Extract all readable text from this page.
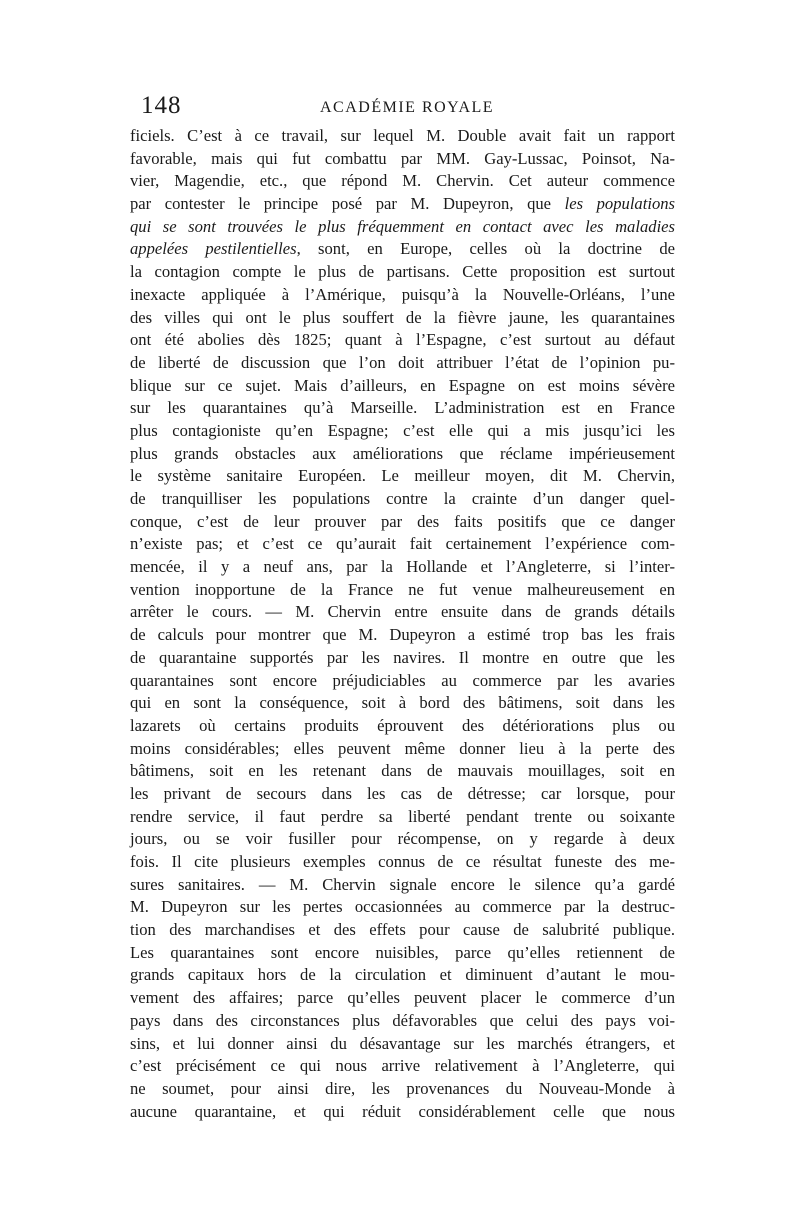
148	ACADÉMIE ROYALE
ficiels. C’est à ce travail, sur lequel M. Double avait fait un rapport
favorable, mais qui fut combattu par MM. Gay-Lussac, Poinsot, Na-
vier, Magendie, etc., que répond M. Chervin. Cet auteur commence
par contester le principe posé par M. Dupeyron, que les populations
qui se sont trouvées le plus fréquemment en contact avec les maladies
appelées pestilentielles, sont, en Europe, celles où la doctrine de
la contagion compte le plus de partisans. Cette proposition est surtout
inexacte appliquée à l’Amérique, puisqu’à la Nouvelle-Orléans, l’une
des villes qui ont le plus souffert de la fièvre jaune, les quarantaines
ont été abolies dès 1825; quant à l’Espagne, c’est surtout au défaut
de liberté de discussion que l’on doit attribuer l’état de l’opinion pu-
blique sur ce sujet. Mais d’ailleurs, en Espagne on est moins sévère
sur les quarantaines qu’à Marseille. L’administration est en France
plus contagioniste qu’en Espagne; c’est elle qui a mis jusqu’ici les
plus grands obstacles aux améliorations que réclame impérieusement
le système sanitaire Européen. Le meilleur moyen, dit M. Chervin,
de tranquilliser les populations contre la crainte d’un danger quel-
conque, c’est de leur prouver par des faits positifs que ce danger
n’existe pas; et c’est ce qu’aurait fait certainement l’expérience com-
mencée, il y a neuf ans, par la Hollande et l’Angleterre, si l’inter-
vention inopportune de la France ne fut venue malheureusement en
arrêter le cours. — M. Chervin entre ensuite dans de grands détails
de calculs pour montrer que M. Dupeyron a estimé trop bas les frais
de quarantaine supportés par les navires. Il montre en outre que les
quarantaines sont encore préjudiciables au commerce par les avaries
qui en sont la conséquence, soit à bord des bâtimens, soit dans les
lazarets où certains produits éprouvent des détériorations plus ou
moins considérables; elles peuvent même donner lieu à la perte des
bâtimens, soit en les retenant dans de mauvais mouillages, soit en
les privant de secours dans les cas de détresse; car lorsque, pour
rendre service, il faut perdre sa liberté pendant trente ou soixante
jours, ou se voir fusiller pour récompense, on y regarde à deux
fois. Il cite plusieurs exemples connus de ce résultat funeste des me-
sures sanitaires. — M. Chervin signale encore le silence qu’a gardé
M. Dupeyron sur les pertes occasionnées au commerce par la destruc-
tion des marchandises et des effets pour cause de salubrité publique.
Les quarantaines sont encore nuisibles, parce qu’elles retiennent de
grands capitaux hors de la circulation et diminuent d’autant le mou-
vement des affaires; parce qu’elles peuvent placer le commerce d’un
pays dans des circonstances plus défavorables que celui des pays voi-
sins, et lui donner ainsi du désavantage sur les marchés étrangers, et
c’est précisément ce qui nous arrive relativement à l’Angleterre, qui
ne soumet, pour ainsi dire, les provenances du Nouveau-Monde à
aucune quarantaine, et qui réduit considérablement celle que nous
